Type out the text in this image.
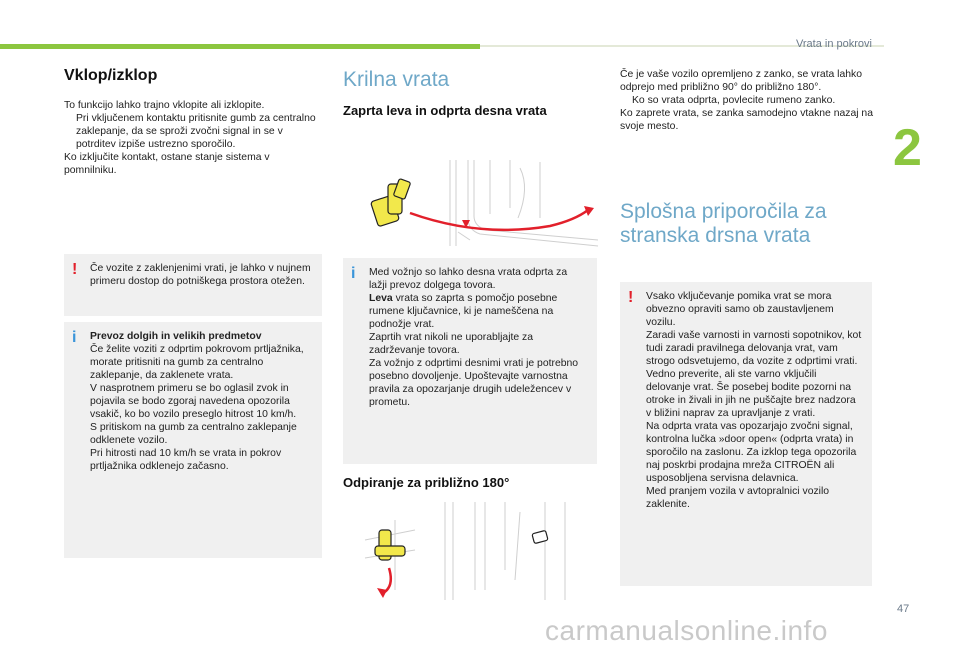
Vrata in pokrovi
2
47
carmanualsonline.info
Vklop/izklop
To funkcijo lahko trajno vklopite ali izklopite.
Pri vključenem kontaktu pritisnite gumb za centralno zaklepanje, da se sproži zvočni signal in se v potrditev izpiše ustrezno sporočilo.
Ko izključite kontakt, ostane stanje sistema v pomnilniku.
! Če vozite z zaklenjenimi vrati, je lahko v nujnem primeru dostop do potniškega prostora otežen.
i Prevoz dolgih in velikih predmetov
Če želite voziti z odprtim pokrovom prtljažnika, morate pritisniti na gumb za centralno zaklepanje, da zaklenete vrata.
V nasprotnem primeru se bo oglasil zvok in pojavila se bodo zgoraj navedena opozorila vsakič, ko bo vozilo preseglo hitrost 10 km/h.
S pritiskom na gumb za centralno zaklepanje odklenete vozilo.
Pri hitrosti nad 10 km/h se vrata in pokrov prtljažnika odklenejo začasno.
Krilna vrata
Zaprta leva in odprta desna vrata
i Med vožnjo so lahko desna vrata odprta za lažji prevoz dolgega tovora.
Leva vrata so zaprta s pomočjo posebne rumene ključavnice, ki je nameščena na podnožje vrat.
Zaprtih vrat nikoli ne uporabljajte za zadrževanje tovora.
Za vožnjo z odprtimi desnimi vrati je potrebno posebno dovoljenje. Upoštevajte varnostna pravila za opozarjanje drugih udeležencev v prometu.
Odpiranje za približno 180°
Če je vaše vozilo opremljeno z zanko, se vrata lahko odprejo med približno 90° do približno 180°.
Ko so vrata odprta, povlecite rumeno zanko.
Ko zaprete vrata, se zanka samodejno vtakne nazaj na svoje mesto.
Splošna priporočila za stranska drsna vrata
! Vsako vključevanje pomika vrat se mora obvezno opraviti samo ob zaustavljenem vozilu.
Zaradi vaše varnosti in varnosti sopotnikov, kot tudi zaradi pravilnega delovanja vrat, vam strogo odsvetujemo, da vozite z odprtimi vrati.
Vedno preverite, ali ste varno vključili delovanje vrat. Še posebej bodite pozorni na otroke in živali in jih ne puščajte brez nadzora v bližini naprav za upravljanje z vrati.
Na odprta vrata vas opozarjajo zvočni signal, kontrolna lučka »door open« (odprta vrata) in sporočilo na zaslonu. Za izklop tega opozorila naj poskrbi prodajna mreža CITROËN ali usposobljena servisna delavnica.
Med pranjem vozila v avtopralnici vozilo zaklenite.
